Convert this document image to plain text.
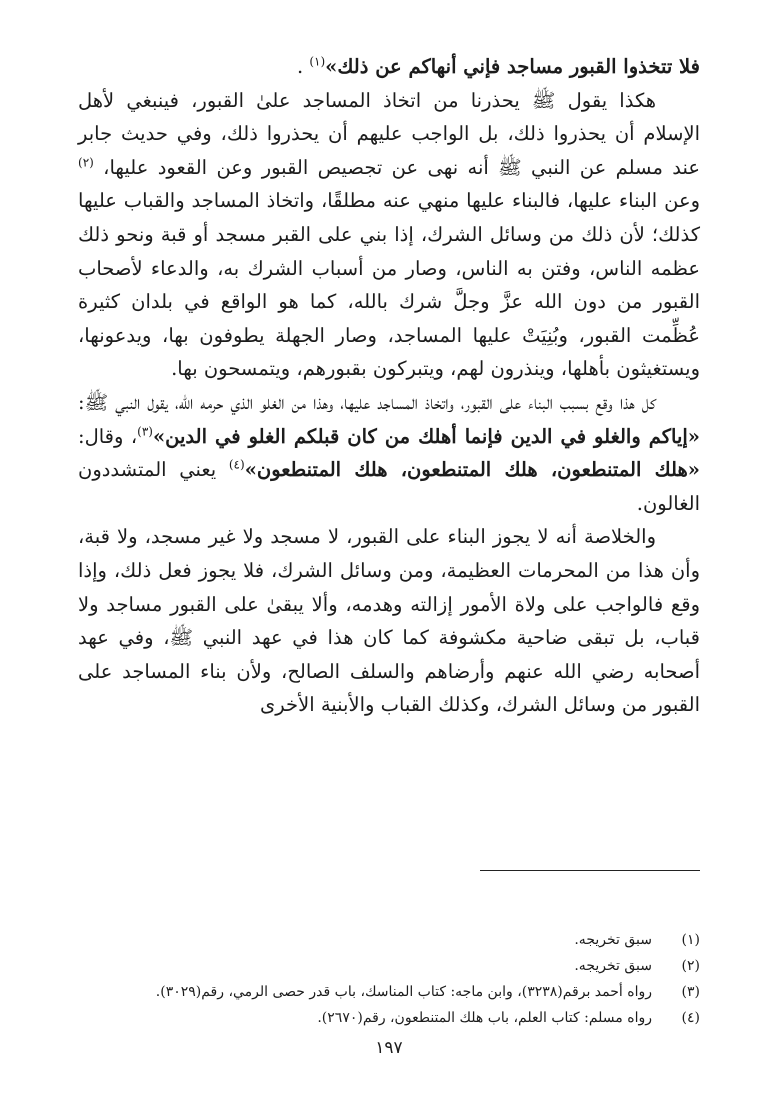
فلا تتخذوا القبور مساجد فإني أنهاكم عن ذلك»$^{(١)}$ .

هكذا يقول ﷺ يحذرنا من اتخاذ المساجد علىٰ القبور، فينبغي لأهل الإسلام أن يحذروا ذلك، بل الواجب عليهم أن يحذروا ذلك، وفي حديث جابر عند مسلم عن النبي ﷺ أنه نهى عن تجصيص القبور وعن القعود عليها، $^{(٢)}$ وعن البناء عليها، فالبناء عليها منهي عنه مطلقًا، واتخاذ المساجد والقباب عليها كذلك؛ لأن ذلك من وسائل الشرك، إذا بني على القبر مسجد أو قبة ونحو ذلك عظمه الناس، وفتن به الناس، وصار من أسباب الشرك به، والدعاء لأصحاب القبور من دون الله عزَّ وجلَّ شرك بالله، كما هو الواقع في بلدان كثيرة عُظِّمت القبور، وبُنِيَتْ عليها المساجد، وصار الجهلة يطوفون بها، ويدعونها، ويستغيثون بأهلها، وينذرون لهم، ويتبركون بقبورهم، ويتمسحون بها.

كل هذا وقع بسبب البناء على القبور، واتخاذ المساجد عليها، وهذا من الغلو الذي حرمه الله، يقول النبي ﷺ: «إياكم والغلو في الدين فإنما أهلك من كان قبلكم الغلو في الدين»$^{(٣)}$، وقال: «هلك المتنطعون، هلك المتنطعون، هلك المتنطعون»$^{(٤)}$ يعني المتشددون الغالون.

والخلاصة أنه لا يجوز البناء على القبور، لا مسجد ولا غير مسجد، ولا قبة، وأن هذا من المحرمات العظيمة، ومن وسائل الشرك، فلا يجوز فعل ذلك، وإذا وقع فالواجب على ولاة الأمور إزالته وهدمه، وألا يبقىٰ على القبور مساجد ولا قباب، بل تبقى ضاحية مكشوفة كما كان هذا في عهد النبي ﷺ، وفي عهد أصحابه رضي الله عنهم وأرضاهم والسلف الصالح، ولأن بناء المساجد على القبور من وسائل الشرك، وكذلك القباب والأبنية الأخرى

(١)
سبق تخريجه.
(٢)
سبق تخريجه.
(٣)
رواه أحمد برقم(٣٢٣٨)، وابن ماجه: كتاب المناسك، باب قدر حصى الرمي، رقم(٣٠٢٩).
(٤)
رواه مسلم: كتاب العلم، باب هلك المتنطعون، رقم(٢٦٧٠).
١٩٧
